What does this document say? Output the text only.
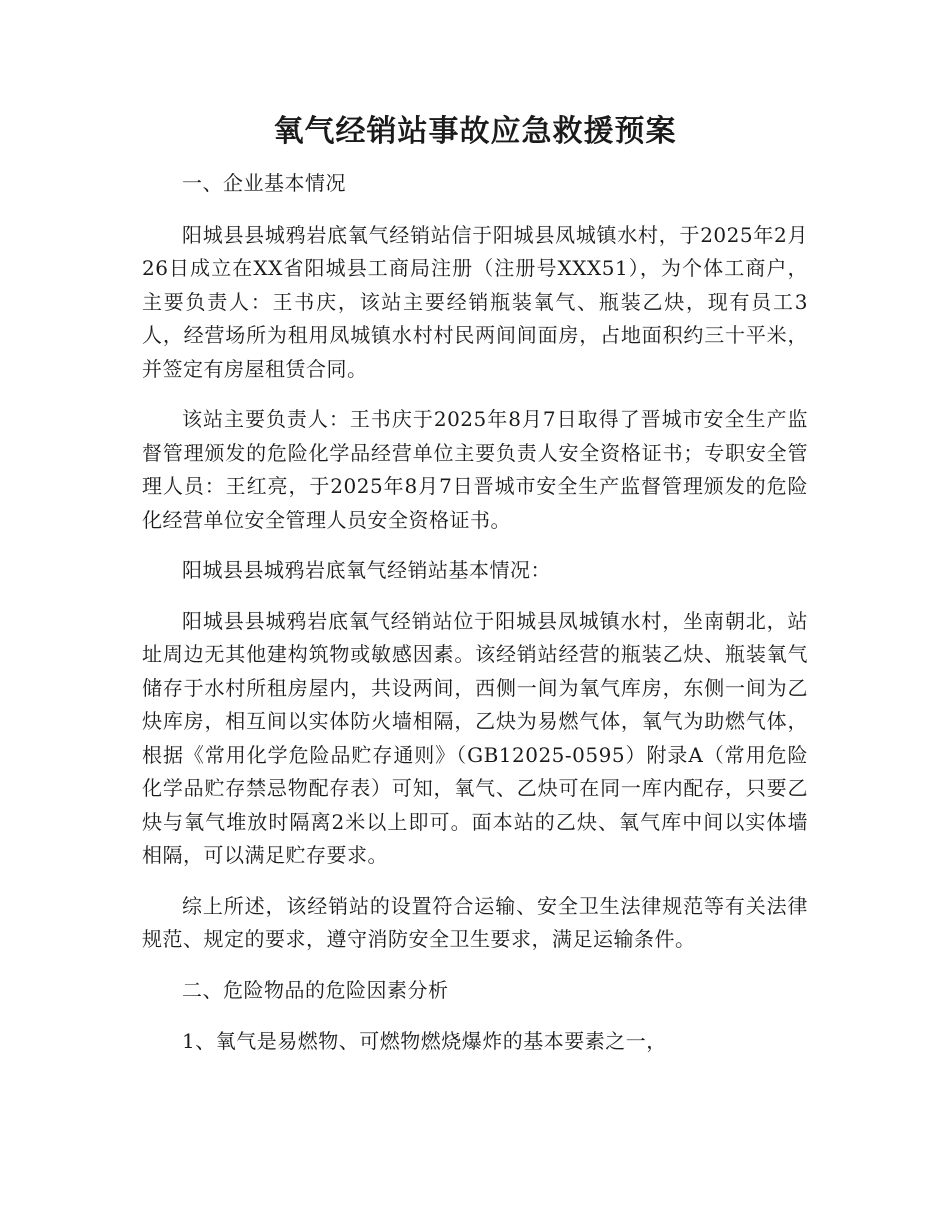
氧气经销站事故应急救援预案

一、企业基本情况

阳城县县城鸦岩底氧气经销站信于阳城县凤城镇水村，于2025年2月26日成立在XX省阳城县工商局注册（注册号XXX51），为个体工商户，主要负责人：王书庆，该站主要经销瓶装氧气、瓶装乙炔，现有员工3人，经营场所为租用凤城镇水村村民两间间面房，占地面积约三十平米，并签定有房屋租赁合同。

该站主要负责人：王书庆于2025年8月7日取得了晋城市安全生产监督管理颁发的危险化学品经营单位主要负责人安全资格证书；专职安全管理人员：王红亮，于2025年8月7日晋城市安全生产监督管理颁发的危险化经营单位安全管理人员安全资格证书。

阳城县县城鸦岩底氧气经销站基本情况：

阳城县县城鸦岩底氧气经销站位于阳城县凤城镇水村，坐南朝北，站址周边无其他建构筑物或敏感因素。该经销站经营的瓶装乙炔、瓶装氧气储存于水村所租房屋内，共设两间，西侧一间为氧气库房，东侧一间为乙炔库房，相互间以实体防火墙相隔，乙炔为易燃气体，氧气为助燃气体，根据《常用化学危险品贮存通则》（GB12025-0595）附录A（常用危险化学品贮存禁忌物配存表）可知，氧气、乙炔可在同一库内配存，只要乙炔与氧气堆放时隔离2米以上即可。面本站的乙炔、氧气库中间以实体墙相隔，可以满足贮存要求。

综上所述，该经销站的设置符合运输、安全卫生法律规范等有关法律规范、规定的要求，遵守消防安全卫生要求，满足运输条件。

二、危险物品的危险因素分析

1、氧气是易燃物、可燃物燃烧爆炸的基本要素之一，
